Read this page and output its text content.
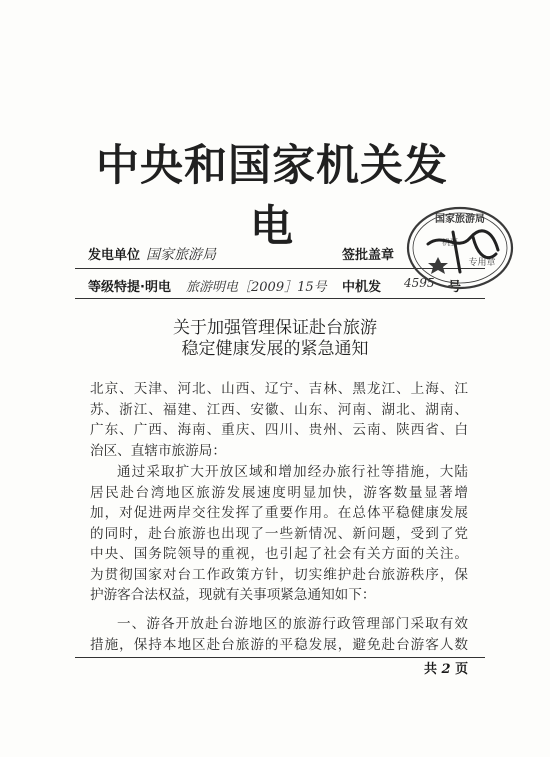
中央和国家机关发电
发电单位 国家旅游局	签批盖章
等级特提·明电 旅游明电［2009］15号 中机发 4595 号
国家旅游局
机要
专用章
关于加强管理保证赴台旅游
稳定健康发展的紧急通知
北京、天津、河北、山西、辽宁、吉林、黑龙江、上海、江
苏、浙江、福建、江西、安徽、山东、河南、湖北、湖南、
广东、广西、海南、重庆、四川、贵州、云南、陕西省、白
治区、直辖市旅游局：
通过采取扩大开放区域和增加经办旅行社等措施，大陆
居民赴台湾地区旅游发展速度明显加快，游客数量显著增
加，对促进两岸交往发挥了重要作用。在总体平稳健康发展
的同时，赴台旅游也出现了一些新情况、新问题，受到了党
中央、国务院领导的重视，也引起了社会有关方面的关注。
为贯彻国家对台工作政策方针，切实维护赴台旅游秩序，保
护游客合法权益，现就有关事项紧急通知如下：
一、游各开放赴台游地区的旅游行政管理部门采取有效
措施，保持本地区赴台旅游的平稳发展，避免赴台游客人数
共 2 页
